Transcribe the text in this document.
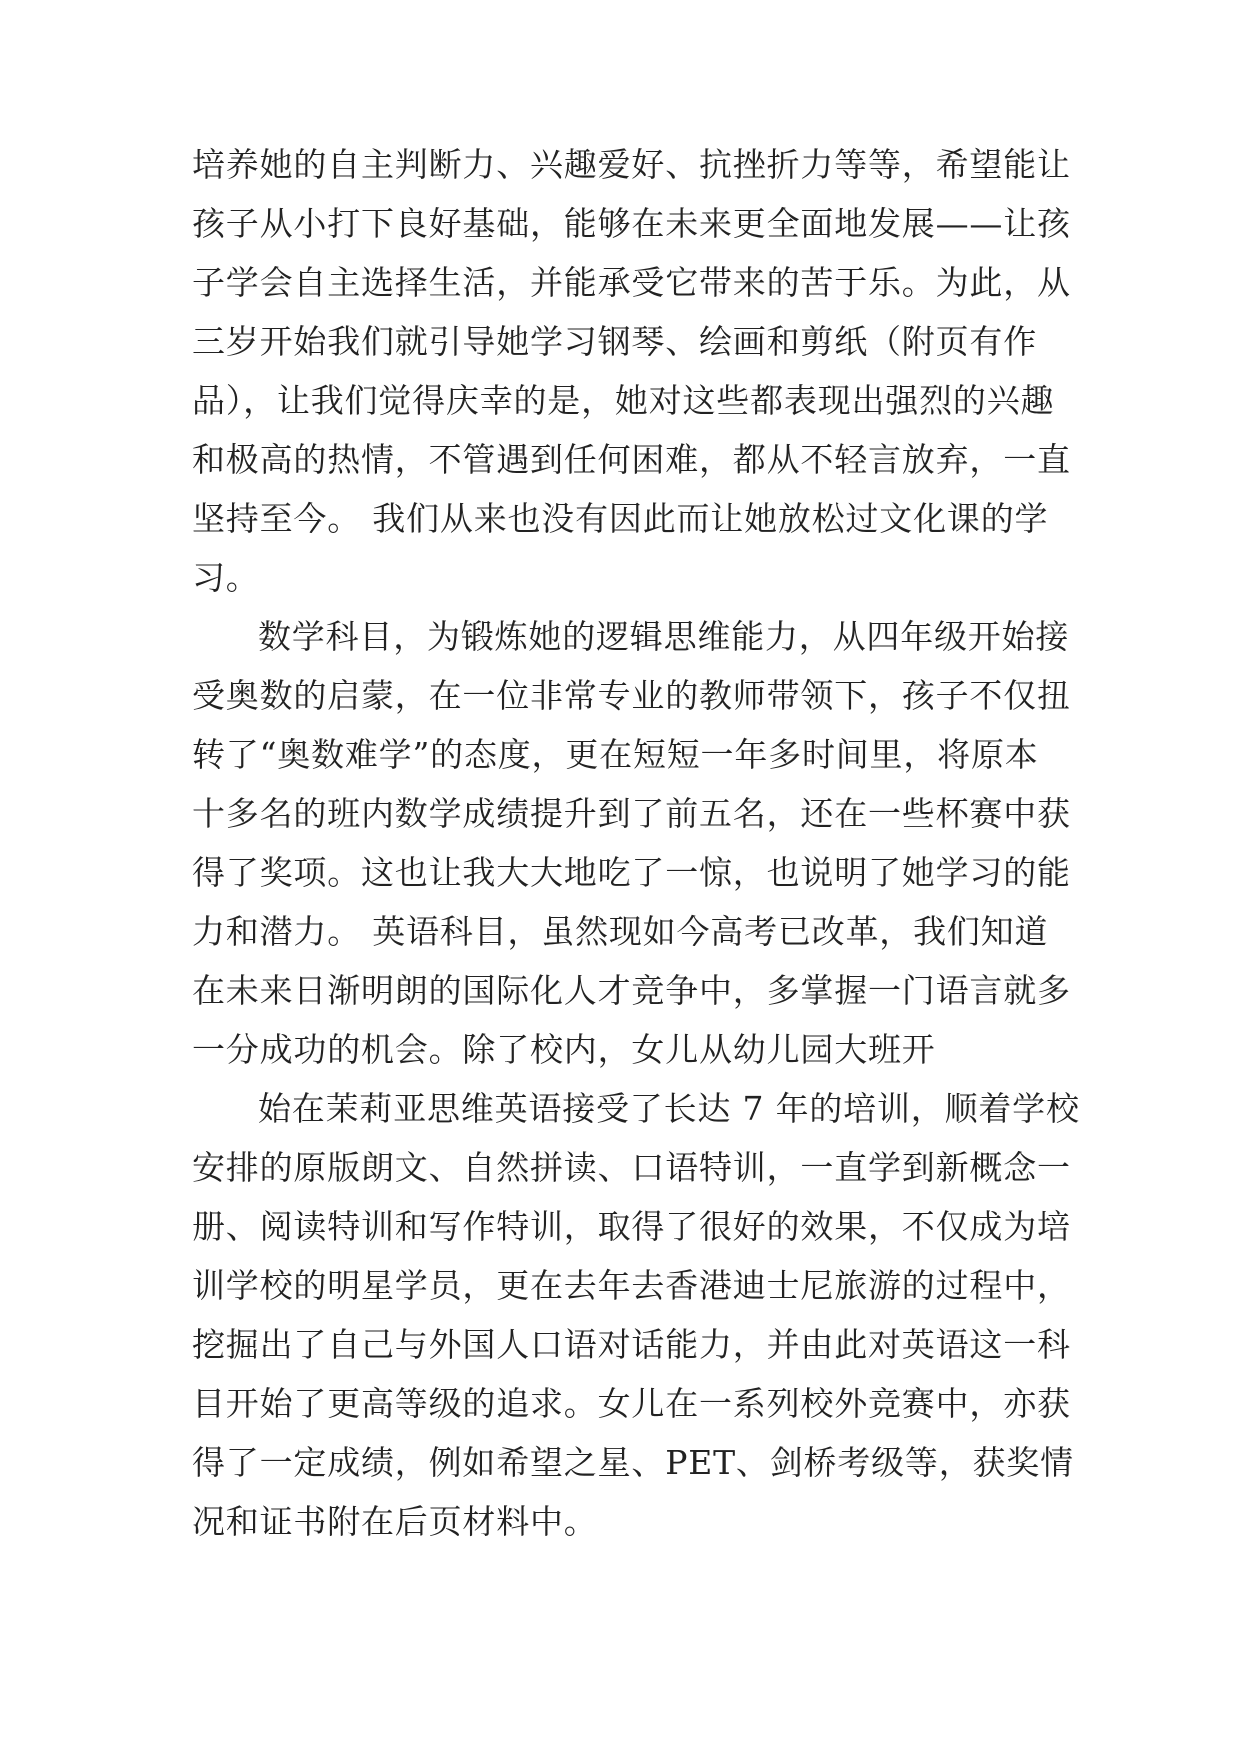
培养她的自主判断力、兴趣爱好、抗挫折力等等，希望能让
孩子从小打下良好基础，能够在未来更全面地发展——让孩
子学会自主选择生活，并能承受它带来的苦于乐。为此，从
三岁开始我们就引导她学习钢琴、绘画和剪纸（附页有作
品），让我们觉得庆幸的是，她对这些都表现出强烈的兴趣
和极高的热情，不管遇到任何困难，都从不轻言放弃，一直
坚持至今。 我们从来也没有因此而让她放松过文化课的学
习。
数学科目，为锻炼她的逻辑思维能力，从四年级开始接
受奥数的启蒙，在一位非常专业的教师带领下，孩子不仅扭
转了“奥数难学”的态度，更在短短一年多时间里，将原本
十多名的班内数学成绩提升到了前五名，还在一些杯赛中获
得了奖项。这也让我大大地吃了一惊，也说明了她学习的能
力和潜力。 英语科目，虽然现如今高考已改革，我们知道
在未来日渐明朗的国际化人才竞争中，多掌握一门语言就多
一分成功的机会。除了校内，女儿从幼儿园大班开
始在茉莉亚思维英语接受了长达 7 年的培训，顺着学校
安排的原版朗文、自然拼读、口语特训，一直学到新概念一
册、阅读特训和写作特训，取得了很好的效果，不仅成为培
训学校的明星学员，更在去年去香港迪士尼旅游的过程中，
挖掘出了自己与外国人口语对话能力，并由此对英语这一科
目开始了更高等级的追求。女儿在一系列校外竞赛中，亦获
得了一定成绩，例如希望之星、PET、剑桥考级等，获奖情
况和证书附在后页材料中。
